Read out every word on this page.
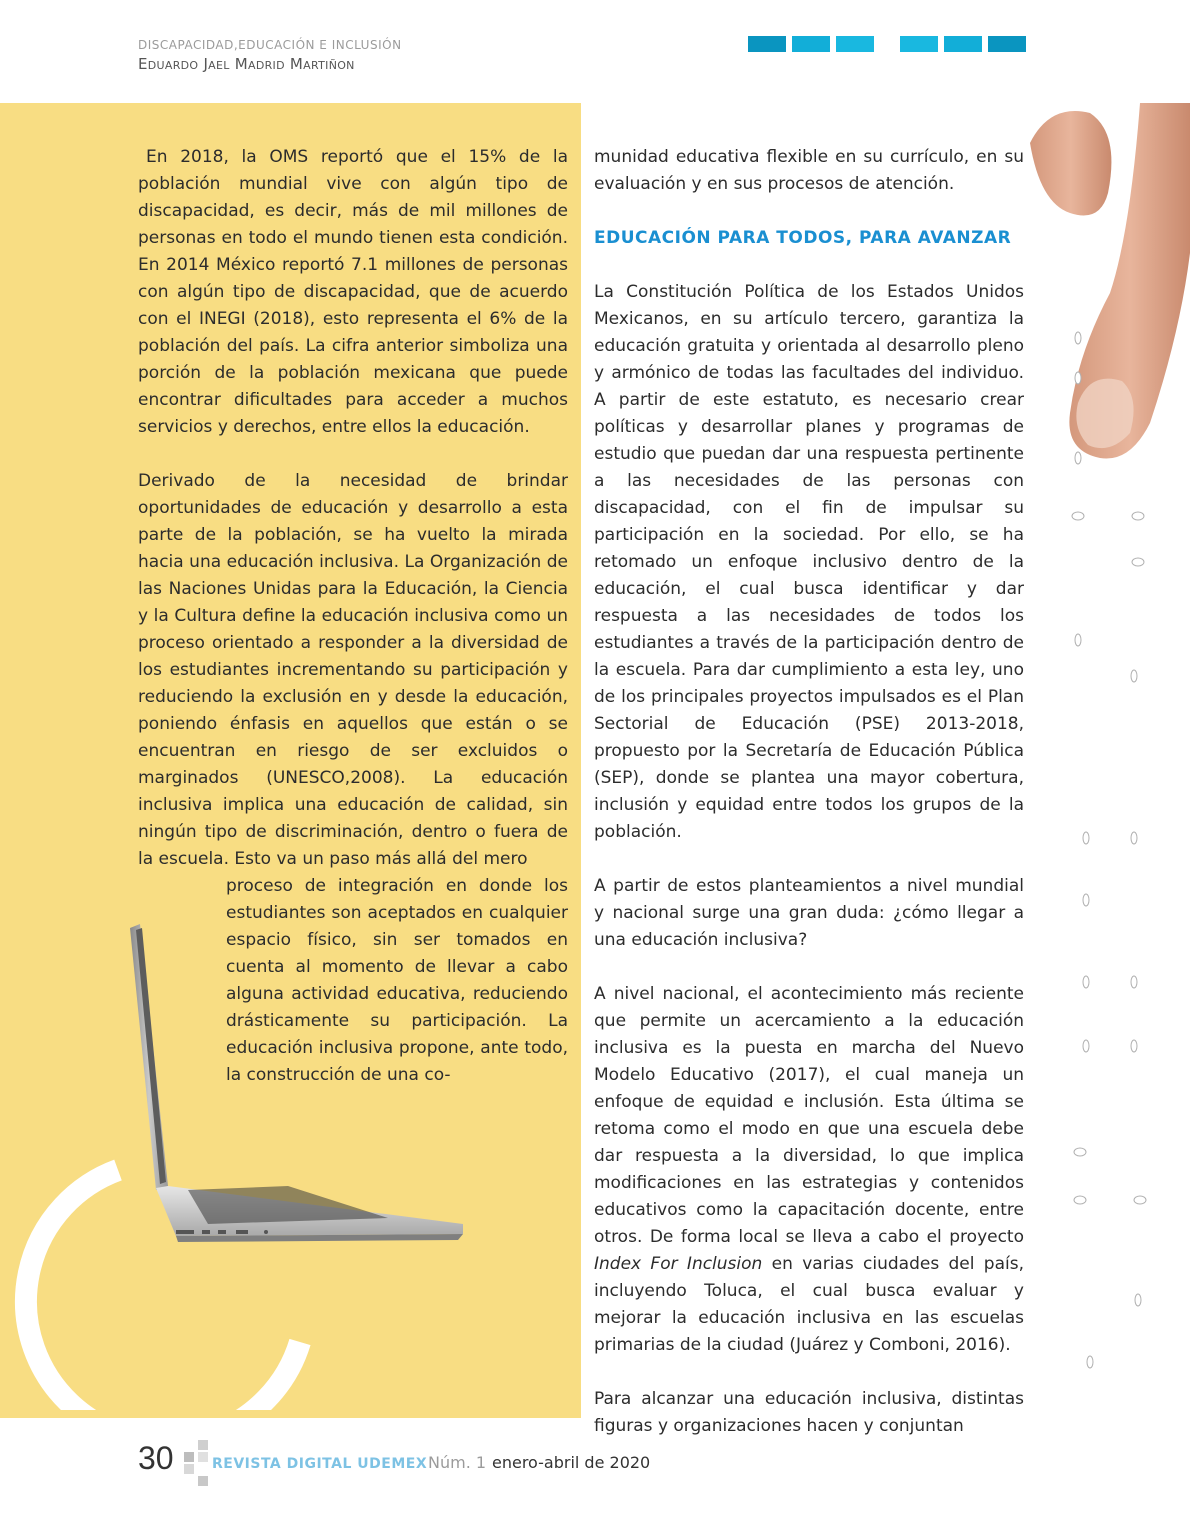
DISCAPACIDAD,EDUCACIÓN E INCLUSIÓN
Eduardo Jael Madrid Martiñon

En 2018, la OMS reportó que el 15% de la población mundial vive con algún tipo de discapacidad, es decir, más de mil millones de personas en todo el mundo tienen esta condición. En 2014 México reportó 7.1 millones de personas con algún tipo de discapacidad, que de acuerdo con el INEGI (2018), esto representa el 6% de la población del país. La cifra anterior simboliza una porción de la población mexicana que puede encontrar dificultades para acceder a muchos servicios y derechos, entre ellos la educación.

Derivado de la necesidad de brindar oportunidades de educación y desarrollo a esta parte de la población, se ha vuelto la mirada hacia una educación inclusiva. La Organización de las Naciones Unidas para la Educación, la Ciencia y la Cultura define la educación inclusiva como un proceso orientado a responder a la diversidad de los estudiantes incrementando su participación y reduciendo la exclusión en y desde la educación, poniendo énfasis en aquellos que están o se encuentran en riesgo de ser excluidos o marginados (UNESCO,2008). La educación inclusiva implica una educación de calidad, sin ningún tipo de discriminación, dentro o fuera de la escuela. Esto va un paso más allá del mero

proceso de integración en donde los estudiantes son aceptados en cualquier espacio físico, sin ser tomados en cuenta al momento de llevar a cabo alguna actividad educativa, reduciendo drásticamente su participación. La educación inclusiva propone, ante todo, la construcción de una co-

munidad educativa flexible en su currículo, en su evaluación y en sus procesos de atención.

EDUCACIÓN PARA TODOS, PARA AVANZAR

La Constitución Política de los Estados Unidos Mexicanos, en su artículo tercero, garantiza la educación gratuita y orientada al desarrollo pleno y armónico de todas las facultades del individuo. A partir de este estatuto, es necesario crear políticas y desarrollar planes y programas de estudio que puedan dar una respuesta pertinente a las necesidades de las personas con discapacidad, con el fin de impulsar su participación en la sociedad. Por ello, se ha retomado un enfoque inclusivo dentro de la educación, el cual busca identificar y dar respuesta a las necesidades de todos los estudiantes a través de la participación dentro de la escuela. Para dar cumplimiento a esta ley, uno de los principales proyectos impulsados es el Plan Sectorial de Educación (PSE) 2013-2018, propuesto por la Secretaría de Educación Pública (SEP), donde se plantea una mayor cobertura, inclusión y equidad entre todos los grupos de la población.

A partir de estos planteamientos a nivel mundial y nacional surge una gran duda: ¿cómo llegar a una educación inclusiva?

A nivel nacional, el acontecimiento más reciente que permite un acercamiento a la educación inclusiva es la puesta en marcha del Nuevo Modelo Educativo (2017), el cual maneja un enfoque de equidad e inclusión. Esta última se retoma como el modo en que una escuela debe dar respuesta a la diversidad, lo que implica modificaciones en las estrategias y contenidos educativos como la capacitación docente, entre otros. De forma local se lleva a cabo el proyecto Index For Inclusion en varias ciudades del país, incluyendo Toluca, el cual busca evaluar y mejorar la educación inclusiva en las escuelas primarias de la ciudad (Juárez y Comboni, 2016).

Para alcanzar una educación inclusiva, distintas figuras y organizaciones hacen y conjuntan

30	REVISTA DIGITAL UDEMEX Núm. 1 enero-abril de 2020
